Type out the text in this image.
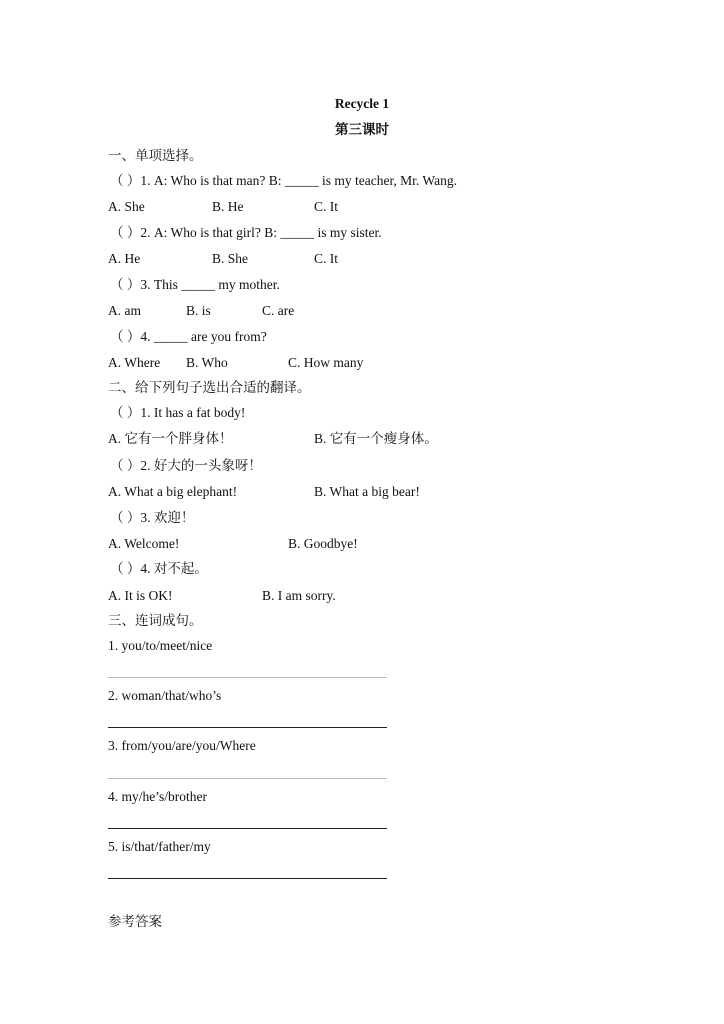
Recycle 1
第三课时
一、单项选择。
（ ）1. A: Who is that man? B: _____ is my teacher, Mr. Wang.
A. She	B. He	C. It
（ ）2. A: Who is that girl? B: _____ is my sister.
A. He	B. She	C. It
（ ）3. This _____ my mother.
A. am	B. is	C. are
（ ）4. _____ are you from?
A. Where B. Who	C. How many
二、给下列句子选出合适的翻译。
（ ）1. It has a fat body!
A. 它有一个胖身体！	B. 它有一个瘦身体。
（ ）2. 好大的一头象呀！
A. What a big elephant!	B. What a big bear!
（ ）3. 欢迎！
A. Welcome!	B. Goodbye!
（ ）4. 对不起。
A. It is OK!	B. I am sorry.
三、连词成句。
1. you/to/meet/nice
2. woman/that/who’s
3. from/you/are/you/Where
4. my/he’s/brother
5. is/that/father/my
参考答案
